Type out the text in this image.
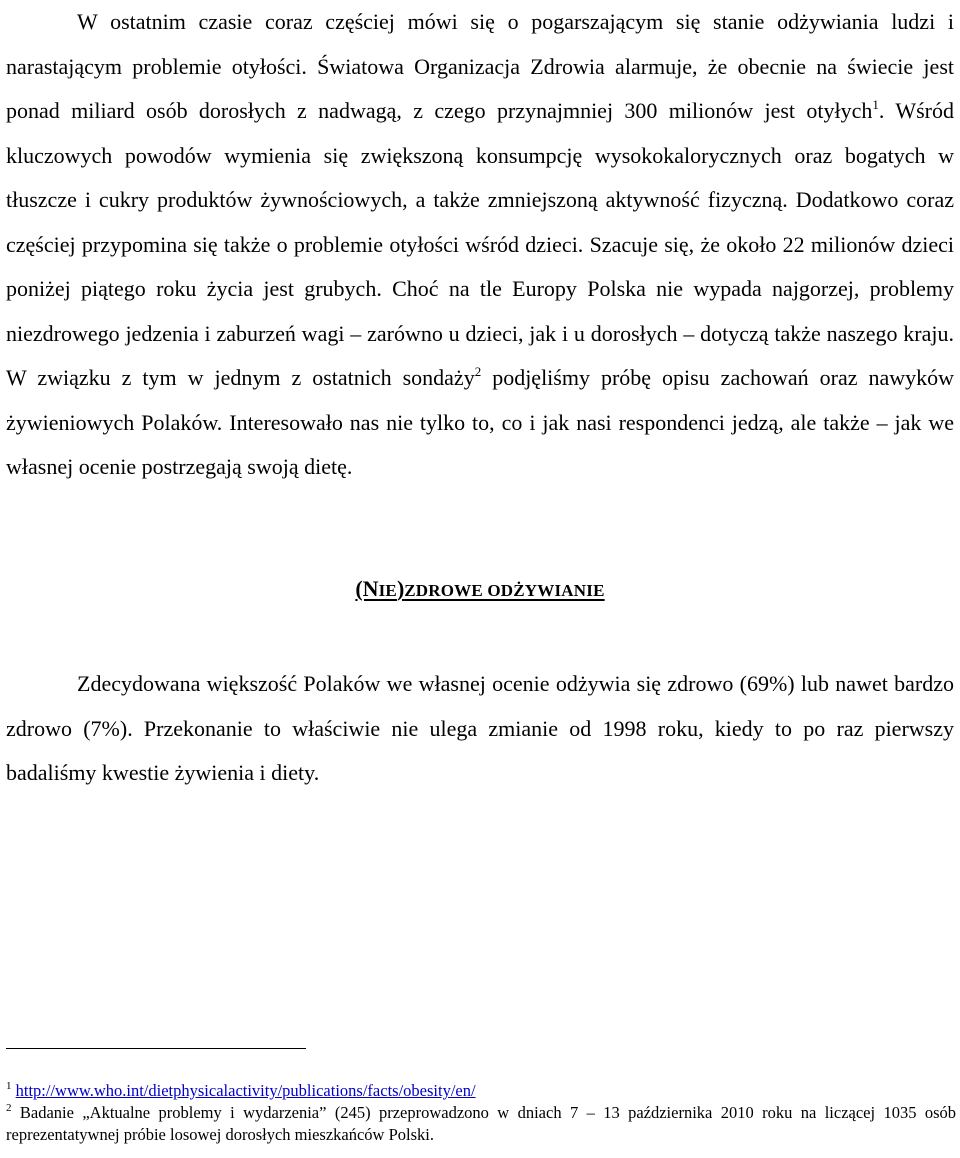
W ostatnim czasie coraz częściej mówi się o pogarszającym się stanie odżywiania ludzi i narastającym problemie otyłości. Światowa Organizacja Zdrowia alarmuje, że obecnie na świecie jest ponad miliard osób dorosłych z nadwagą, z czego przynajmniej 300 milionów jest otyłych$^1$. Wśród kluczowych powodów wymienia się zwiększoną konsumpcję wysokokalorycznych oraz bogatych w tłuszcze i cukry produktów żywnościowych, a także zmniejszoną aktywność fizyczną. Dodatkowo coraz częściej przypomina się także o problemie otyłości wśród dzieci. Szacuje się, że około 22 milionów dzieci poniżej piątego roku życia jest grubych. Choć na tle Europy Polska nie wypada najgorzej, problemy niezdrowego jedzenia i zaburzeń wagi – zarówno u dzieci, jak i u dorosłych – dotyczą także naszego kraju. W związku z tym w jednym z ostatnich sondaży$^2$ podjęliśmy próbę opisu zachowań oraz nawyków żywieniowych Polaków. Interesowało nas nie tylko to, co i jak nasi respondenci jedzą, ale także – jak we własnej ocenie postrzegają swoją dietę.

(NIE)ZDROWE ODŻYWIANIE

Zdecydowana większość Polaków we własnej ocenie odżywia się zdrowo (69%) lub nawet bardzo zdrowo (7%). Przekonanie to właściwie nie ulega zmianie od 1998 roku, kiedy to po raz pierwszy badaliśmy kwestie żywienia i diety.

$^1$ http://www.who.int/dietphysicalactivity/publications/facts/obesity/en/

$^2$ Badanie „Aktualne problemy i wydarzenia” (245) przeprowadzono w dniach 7 – 13 października 2010 roku na liczącej 1035 osób reprezentatywnej próbie losowej dorosłych mieszkańców Polski.
